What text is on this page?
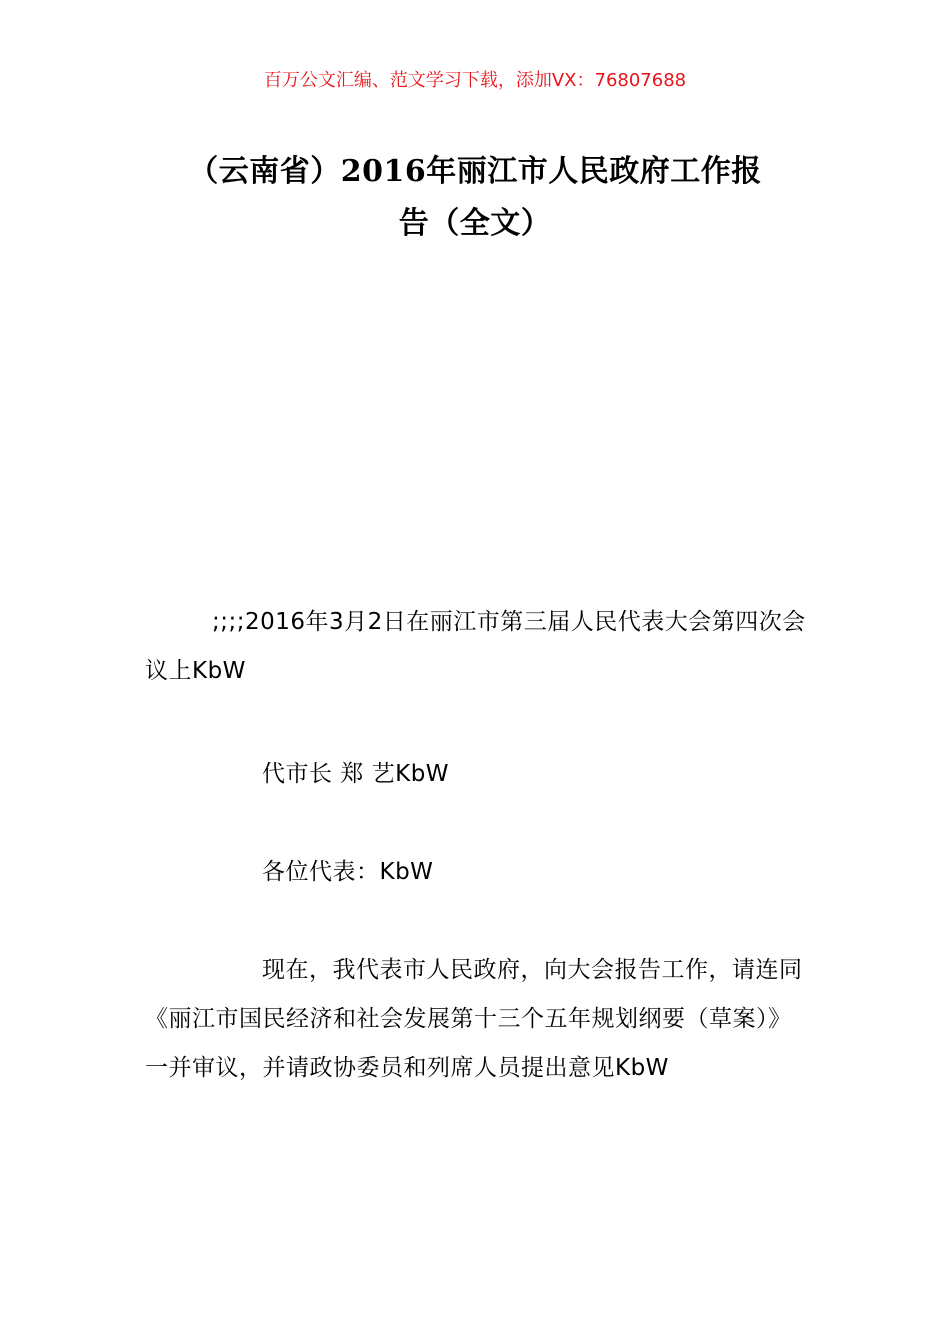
百万公文汇编、范文学习下载，添加VX：76807688
（云南省）2016年丽江市人民政府工作报
告（全文）

;;;;2016年3月2日在丽江市第三届人民代表大会第四次会议上KbW

代市长 郑 艺KbW

各位代表：KbW

现在，我代表市人民政府，向大会报告工作，请连同《丽江市国民经济和社会发展第十三个五年规划纲要（草案）》一并审议，并请政协委员和列席人员提出意见KbW
